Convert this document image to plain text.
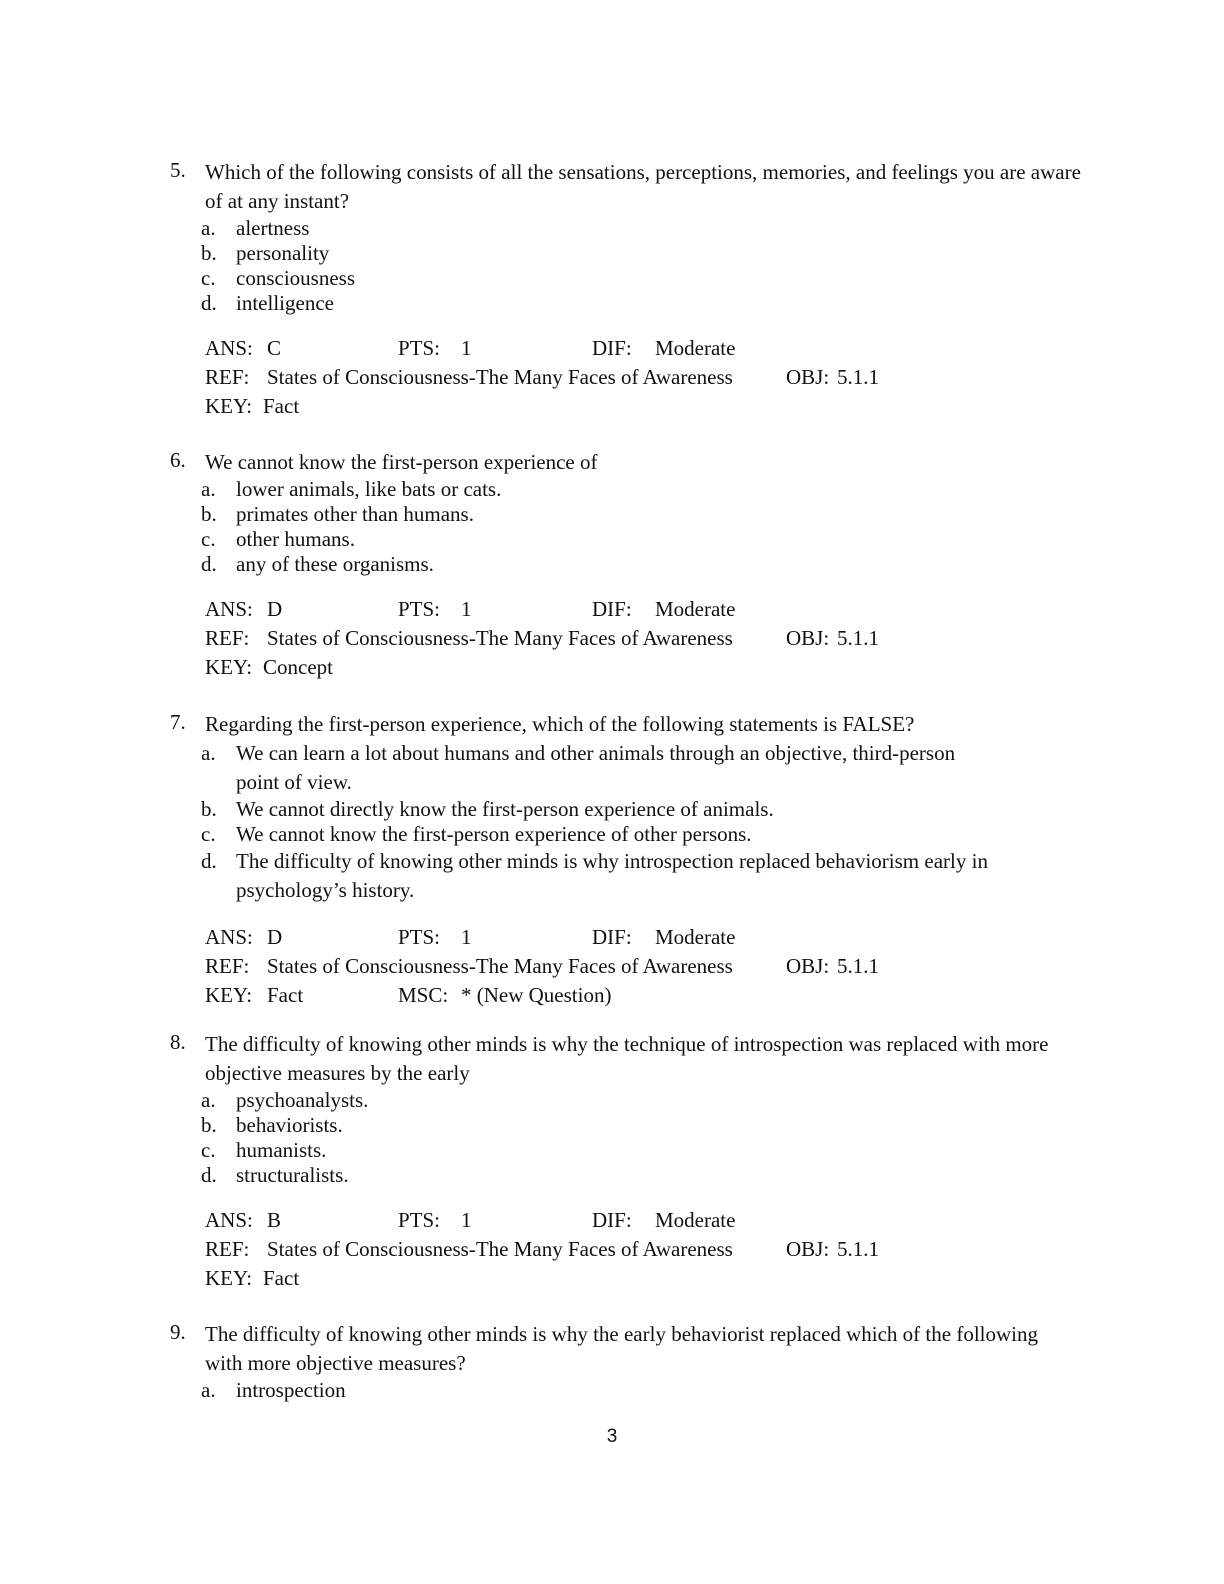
5. Which of the following consists of all the sensations, perceptions, memories, and feelings you are aware of at any instant?
a. alertness
b. personality
c. consciousness
d. intelligence
ANS: C	PTS: 1	DIF: Moderate
REF: States of Consciousness-The Many Faces of Awareness	OBJ: 5.1.1
KEY: Fact
6. We cannot know the first-person experience of
a. lower animals, like bats or cats.
b. primates other than humans.
c. other humans.
d. any of these organisms.
ANS: D	PTS: 1	DIF: Moderate
REF: States of Consciousness-The Many Faces of Awareness	OBJ: 5.1.1
KEY: Concept
7. Regarding the first-person experience, which of the following statements is FALSE?
a. We can learn a lot about humans and other animals through an objective, third-person point of view.
b. We cannot directly know the first-person experience of animals.
c. We cannot know the first-person experience of other persons.
d. The difficulty of knowing other minds is why introspection replaced behaviorism early in psychology’s history.
ANS: D	PTS: 1	DIF: Moderate
REF: States of Consciousness-The Many Faces of Awareness	OBJ: 5.1.1
KEY: Fact	MSC: * (New Question)
8. The difficulty of knowing other minds is why the technique of introspection was replaced with more objective measures by the early
a. psychoanalysts.
b. behaviorists.
c. humanists.
d. structuralists.
ANS: B	PTS: 1	DIF: Moderate
REF: States of Consciousness-The Many Faces of Awareness	OBJ: 5.1.1
KEY: Fact
9. The difficulty of knowing other minds is why the early behaviorist replaced which of the following with more objective measures?
a. introspection
3
